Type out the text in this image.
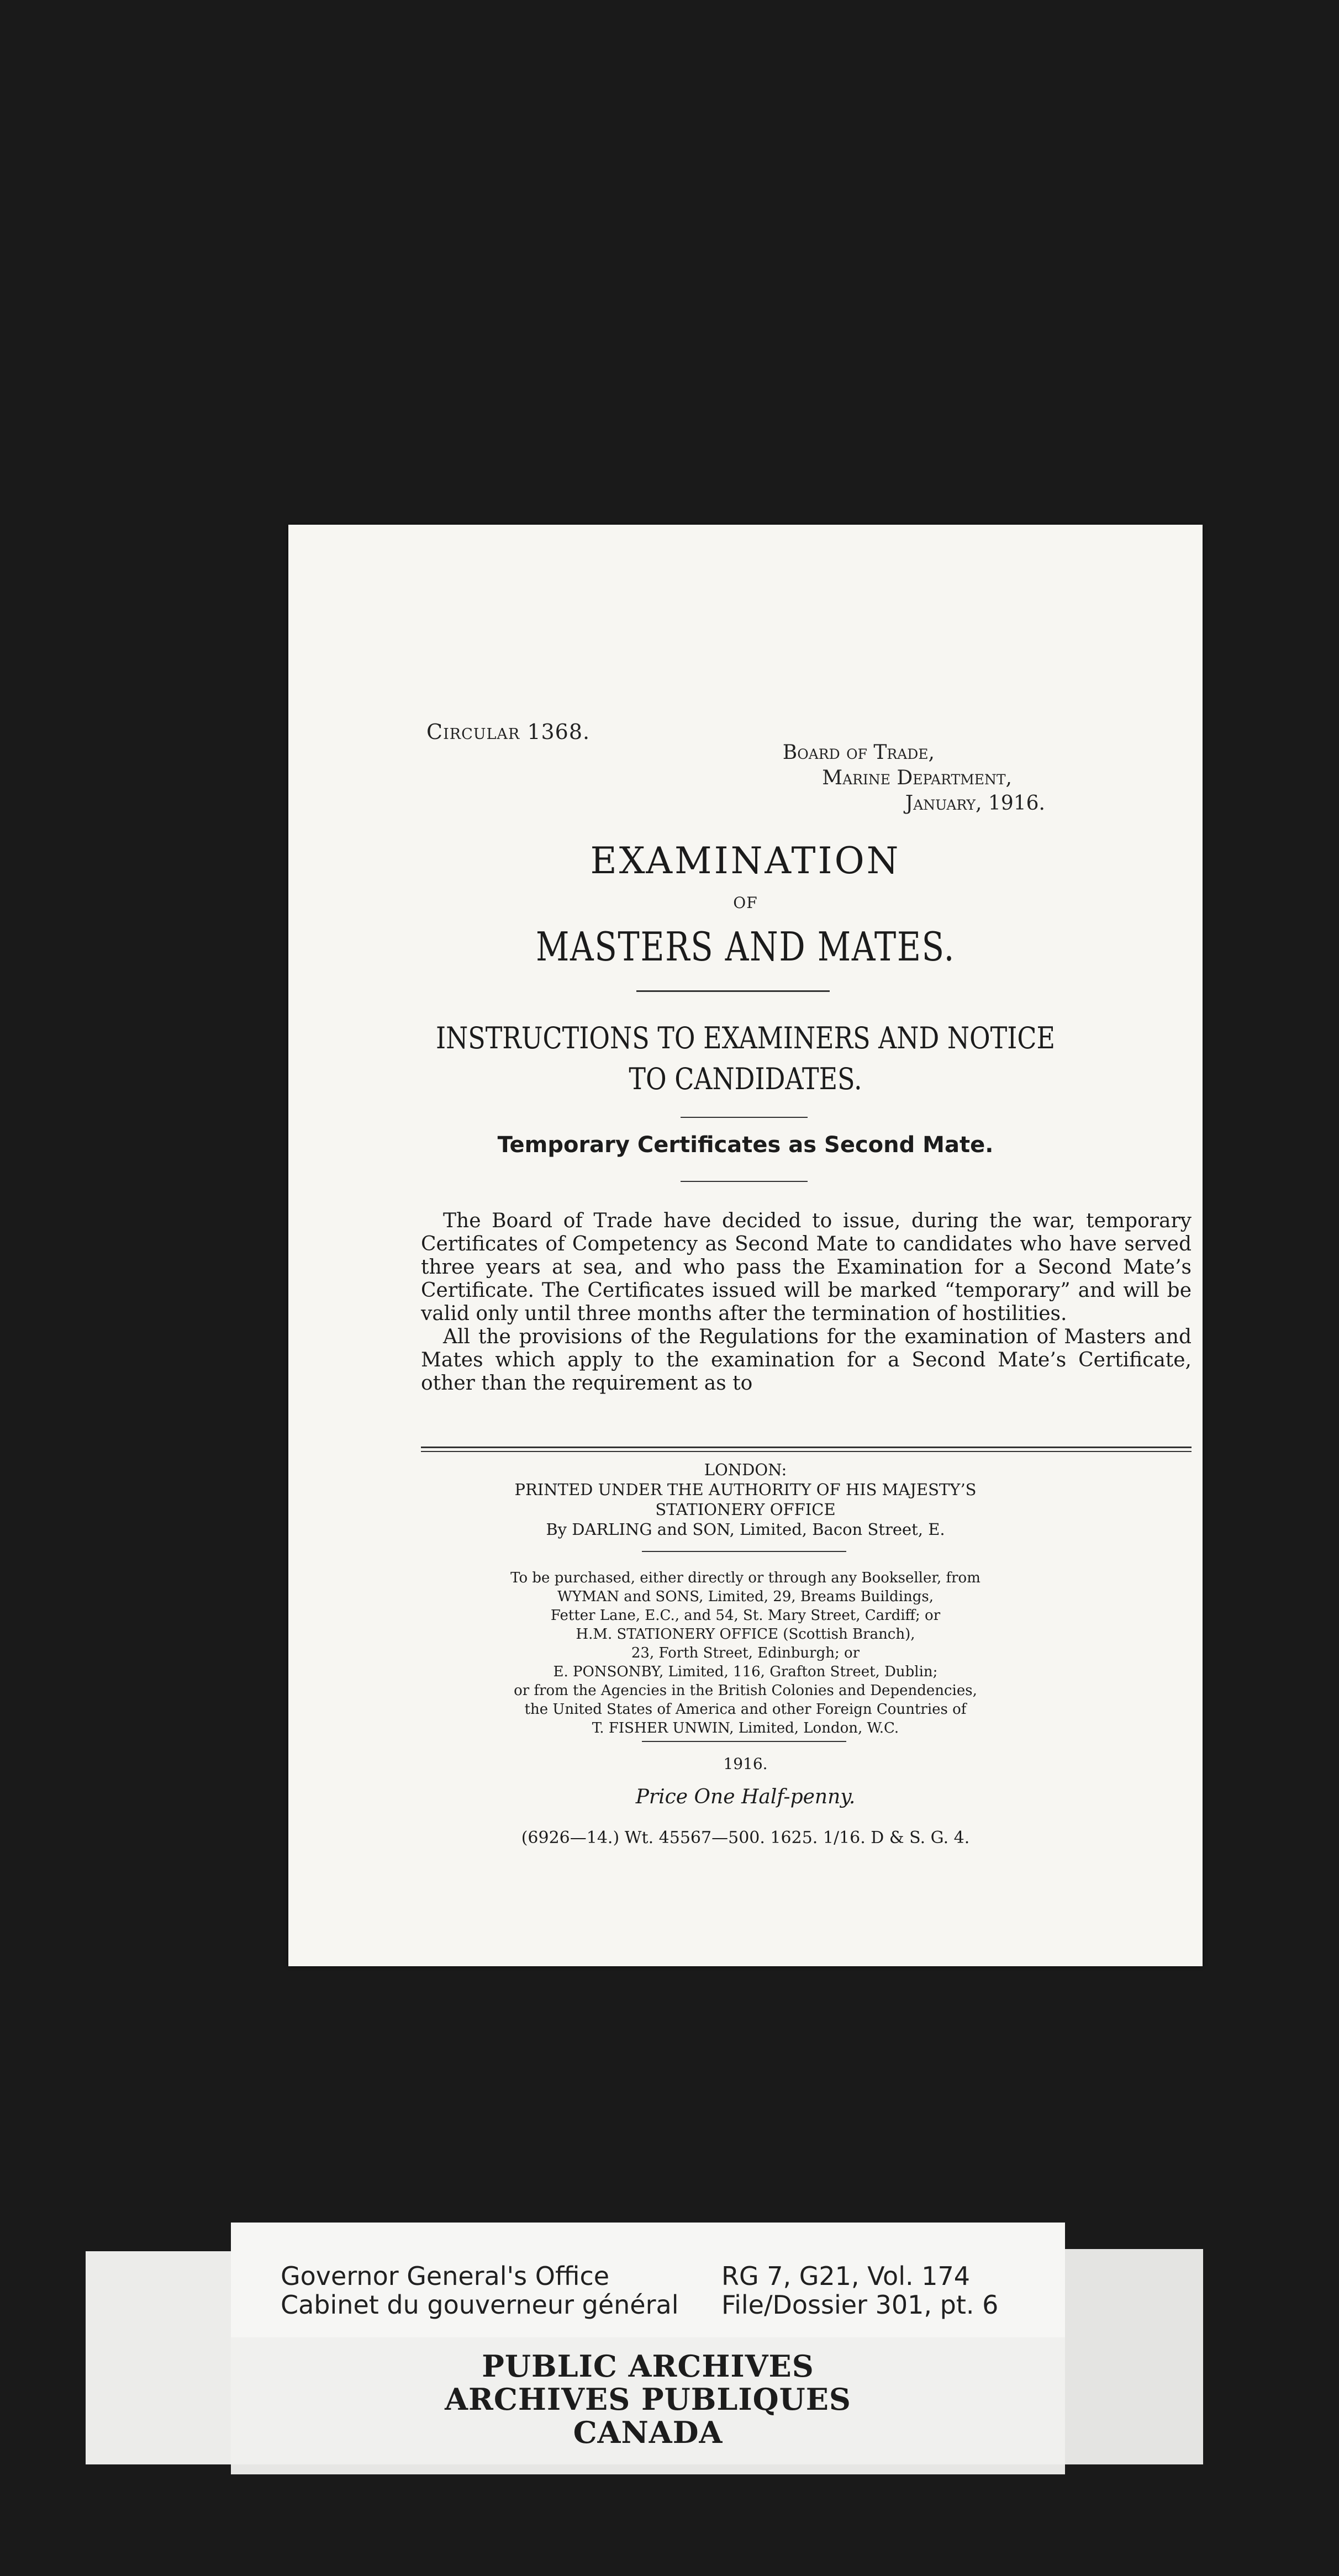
Circular 1368.
Board of Trade,
Marine Department,
January, 1916.
EXAMINATION
OF
MASTERS AND MATES.
INSTRUCTIONS TO EXAMINERS AND NOTICE
TO CANDIDATES.
Temporary Certificates as Second Mate.

The Board of Trade have decided to issue, during the war, temporary Certificates of Competency as Second Mate to candidates who have served three years at sea, and who pass the Examination for a Second Mate’s Certificate. The Certificates issued will be marked “temporary” and will be valid only until three months after the termination of hostilities.

All the provisions of the Regulations for the examination of Masters and Mates which apply to the examination for a Second Mate’s Certificate, other than the requirement as to

LONDON:
PRINTED UNDER THE AUTHORITY OF HIS MAJESTY’S
STATIONERY OFFICE
By DARLING and SON, Limited, Bacon Street, E.
To be purchased, either directly or through any Bookseller, from
WYMAN and SONS, Limited, 29, Breams Buildings,
Fetter Lane, E.C., and 54, St. Mary Street, Cardiff; or
H.M. STATIONERY OFFICE (Scottish Branch),
23, Forth Street, Edinburgh; or
E. PONSONBY, Limited, 116, Grafton Street, Dublin;
or from the Agencies in the British Colonies and Dependencies,
the United States of America and other Foreign Countries of
T. FISHER UNWIN, Limited, London, W.C.
1916.
Price One Half-penny.
(6926—14.) Wt. 45567—500. 1625. 1/16. D & S. G. 4.
Governor General's Office
Cabinet du gouverneur général
RG 7, G21, Vol. 174
File/Dossier 301, pt. 6
PUBLIC ARCHIVES
ARCHIVES PUBLIQUES
CANADA
